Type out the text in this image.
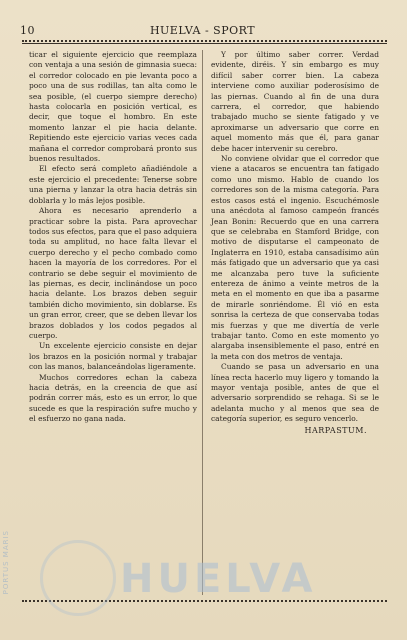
10	HUELVA - SPORT

ticar el siguiente ejercicio que reemplaza con ventaja a una sesión de gimnasia sueca: el corredor colocado en pie levanta poco a poco una de sus rodillas, tan alta como le sea posible, (el cuerpo siempre derecho) hasta colocarla en posición vertical, es decir, que toque el hombro. En este momento lanzar el pie hacia delante. Repitiendo este ejercicio varias veces cada mañana el corredor comprobará pronto sus buenos resultados.

El efecto será completo añadiéndole a este ejercicio el precedente: Tenerse sobre una pierna y lanzar la otra hacia detrás sin doblarla y lo más lejos posible.

Ahora es necesario aprenderlo a practicar sobre la pista. Para aprovechar todos sus efectos, para que el paso adquiera toda su amplitud, no hace falta llevar el cuerpo derecho y el pecho combado como hacen la mayoría de los corredores. Por el contrario se debe seguir el movimiento de las piernas, es decir, inclinándose un poco hacia delante. Los brazos deben seguir también dicho movimiento, sin doblarse. Es un gran error, creer, que se deben llevar los brazos doblados y los codos pegados al cuerpo.

Un excelente ejercicio consiste en dejar los brazos en la posición normal y trabajar con las manos, balanceándolas ligeramente.

Muchos corredores echan la cabeza hacia detrás, en la creencia de que así podrán correr más, esto es un error, lo que sucede es que la respiración sufre mucho y el esfuerzo no gana nada.

Y por último saber correr. Verdad evidente, diréis. Y sin embargo es muy difícil saber correr bien. La cabeza interviene como auxiliar poderosísimo de las piernas. Cuando al fin de una dura carrera, el corredor, que habiendo trabajado mucho se siente fatigado y ve aproximarse un adversario que corre en aquel momento más que él, para ganar debe hacer intervenir su cerebro.

No conviene olvidar que el corredor que viene a atacaros se encuentra tan fatigado como uno mismo. Hablo de cuando los corredores son de la misma categoría. Para estos casos está el ingenio. Escuchémosle una anécdota al famoso campeón francés Jean Bonin: Recuerdo que en una carrera que se celebraba en Stamford Bridge, con motivo de disputarse el campeonato de Inglaterra en 1910, estaba cansadísimo aún más fatigado que un adversario que ya casi me alcanzaba pero tuve la suficiente entereza de ánimo a veinte metros de la meta en el momento en que iba a pasarme de mirarle sonriéndome. Él vió en esta sonrisa la certeza de que conservaba todas mis fuerzas y que me divertía de verle trabajar tanto. Como en este momento yo alargaba insensiblemente el paso, entré en la meta con dos metros de ventaja.

Cuando se pasa un adversario en una línea recta hacerlo muy ligero y tomando la mayor ventaja posible, antes de que el adversario sorprendido se rehaga. Si se le adelanta mucho y al menos que sea de categoría superior, es seguro vencerlo.

HARPASTUM.
PORTUS MARIS	HUELVA
